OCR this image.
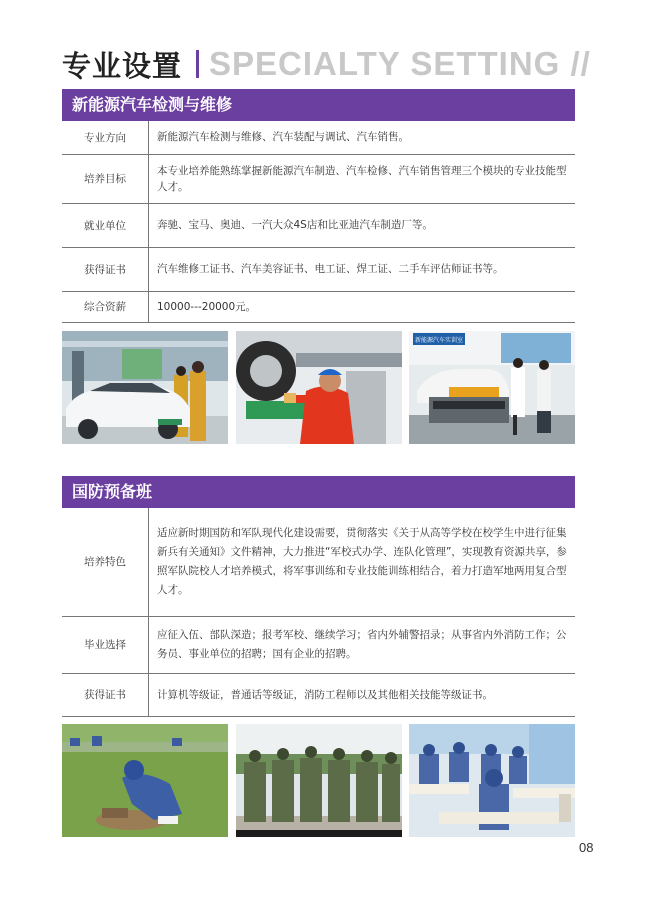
专业设置 SPECIALTY SETTING //
新能源汽车检测与维修
专业方向	新能源汽车检测与维修、汽车装配与调试、汽车销售。
培养目标	本专业培养能熟练掌握新能源汽车制造、汽车检修、汽车销售管理三个模块的专业技能型人才。
就业单位	奔驰、宝马、奥迪、一汽大众4S店和比亚迪汽车制造厂等。
获得证书	汽车维修工证书、汽车美容证书、电工证、焊工证、二手车评估师证书等。
综合资薪	10000---20000元。
新能源汽车实训室
国防预备班
培养特色	适应新时期国防和军队现代化建设需要，贯彻落实《关于从高等学校在校学生中进行征集新兵有关通知》文件精神，大力推进“军校式办学、连队化管理”，实现教育资源共享，参照军队院校人才培养模式，将军事训练和专业技能训练相结合，着力打造军地两用复合型人才。
毕业选择	应征入伍、部队深造；报考军校、继续学习；省内外辅警招录；从事省内外消防工作；公务员、事业单位的招聘；国有企业的招聘。
获得证书	计算机等级证，普通话等级证，消防工程师以及其他相关技能等级证书。
08
